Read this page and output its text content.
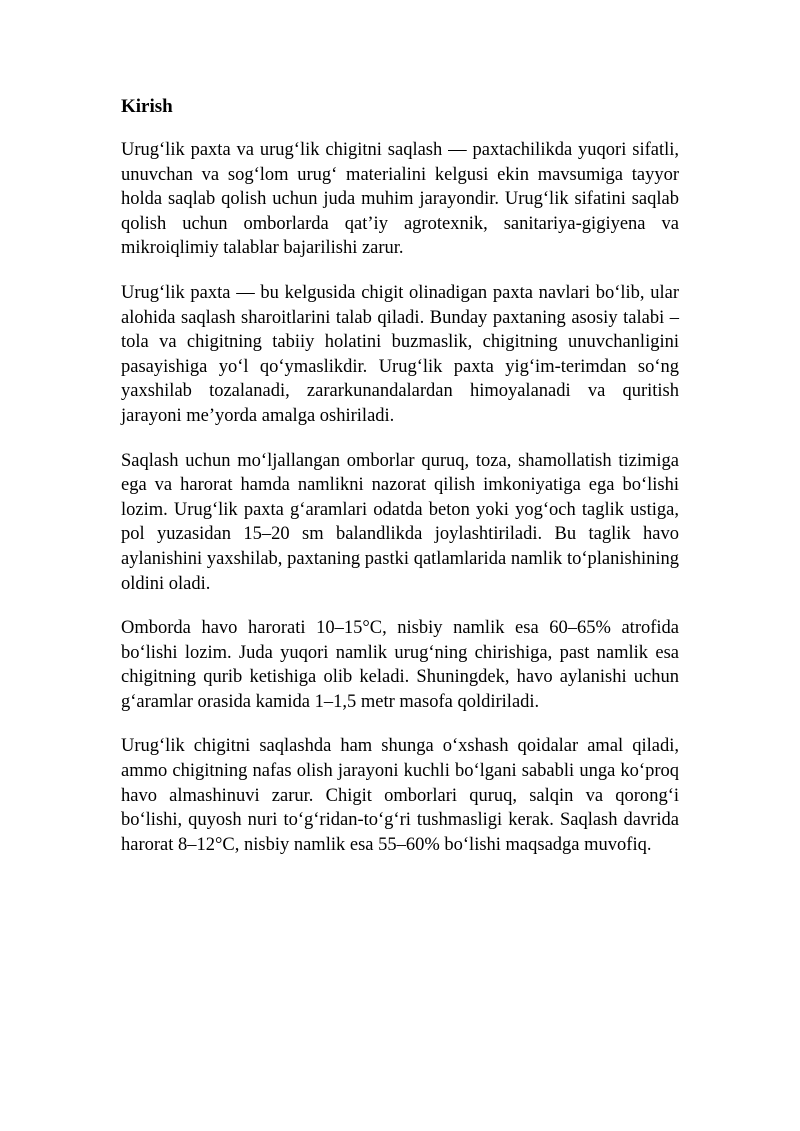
Kirish

Urug‘lik paxta va urug‘lik chigitni saqlash — paxtachilikda yuqori sifatli, unuvchan va sog‘lom urug‘ materialini kelgusi ekin mavsumiga tayyor holda saqlab qolish uchun juda muhim jarayondir. Urug‘lik sifatini saqlab qolish uchun omborlarda qat’iy agrotexnik, sanitariya-gigiyena va mikroiqlimiy talablar bajarilishi zarur.

Urug‘lik paxta — bu kelgusida chigit olinadigan paxta navlari bo‘lib, ular alohida saqlash sharoitlarini talab qiladi. Bunday paxtaning asosiy talabi – tola va chigitning tabiiy holatini buzmaslik, chigitning unuvchanligini pasayishiga yo‘l qo‘ymaslikdir. Urug‘lik paxta yig‘im-terimdan so‘ng yaxshilab tozalanadi, zararkunandalardan himoyalanadi va quritish jarayoni me’yorda amalga oshiriladi.

Saqlash uchun mo‘ljallangan omborlar quruq, toza, shamollatish tizimiga ega va harorat hamda namlikni nazorat qilish imkoniyatiga ega bo‘lishi lozim. Urug‘lik paxta g‘aramlari odatda beton yoki yog‘och taglik ustiga, pol yuzasidan 15–20 sm balandlikda joylashtiriladi. Bu taglik havo aylanishini yaxshilab, paxtaning pastki qatlamlarida namlik to‘planishining oldini oladi.

Omborda havo harorati 10–15°C, nisbiy namlik esa 60–65% atrofida bo‘lishi lozim. Juda yuqori namlik urug‘ning chirishiga, past namlik esa chigitning qurib ketishiga olib keladi. Shuningdek, havo aylanishi uchun g‘aramlar orasida kamida 1–1,5 metr masofa qoldiriladi.

Urug‘lik chigitni saqlashda ham shunga o‘xshash qoidalar amal qiladi, ammo chigitning nafas olish jarayoni kuchli bo‘lgani sababli unga ko‘proq havo almashinuvi zarur. Chigit omborlari quruq, salqin va qorong‘i bo‘lishi, quyosh nuri to‘g‘ridan-to‘g‘ri tushmasligi kerak. Saqlash davrida harorat 8–12°C, nisbiy namlik esa 55–60% bo‘lishi maqsadga muvofiq.
